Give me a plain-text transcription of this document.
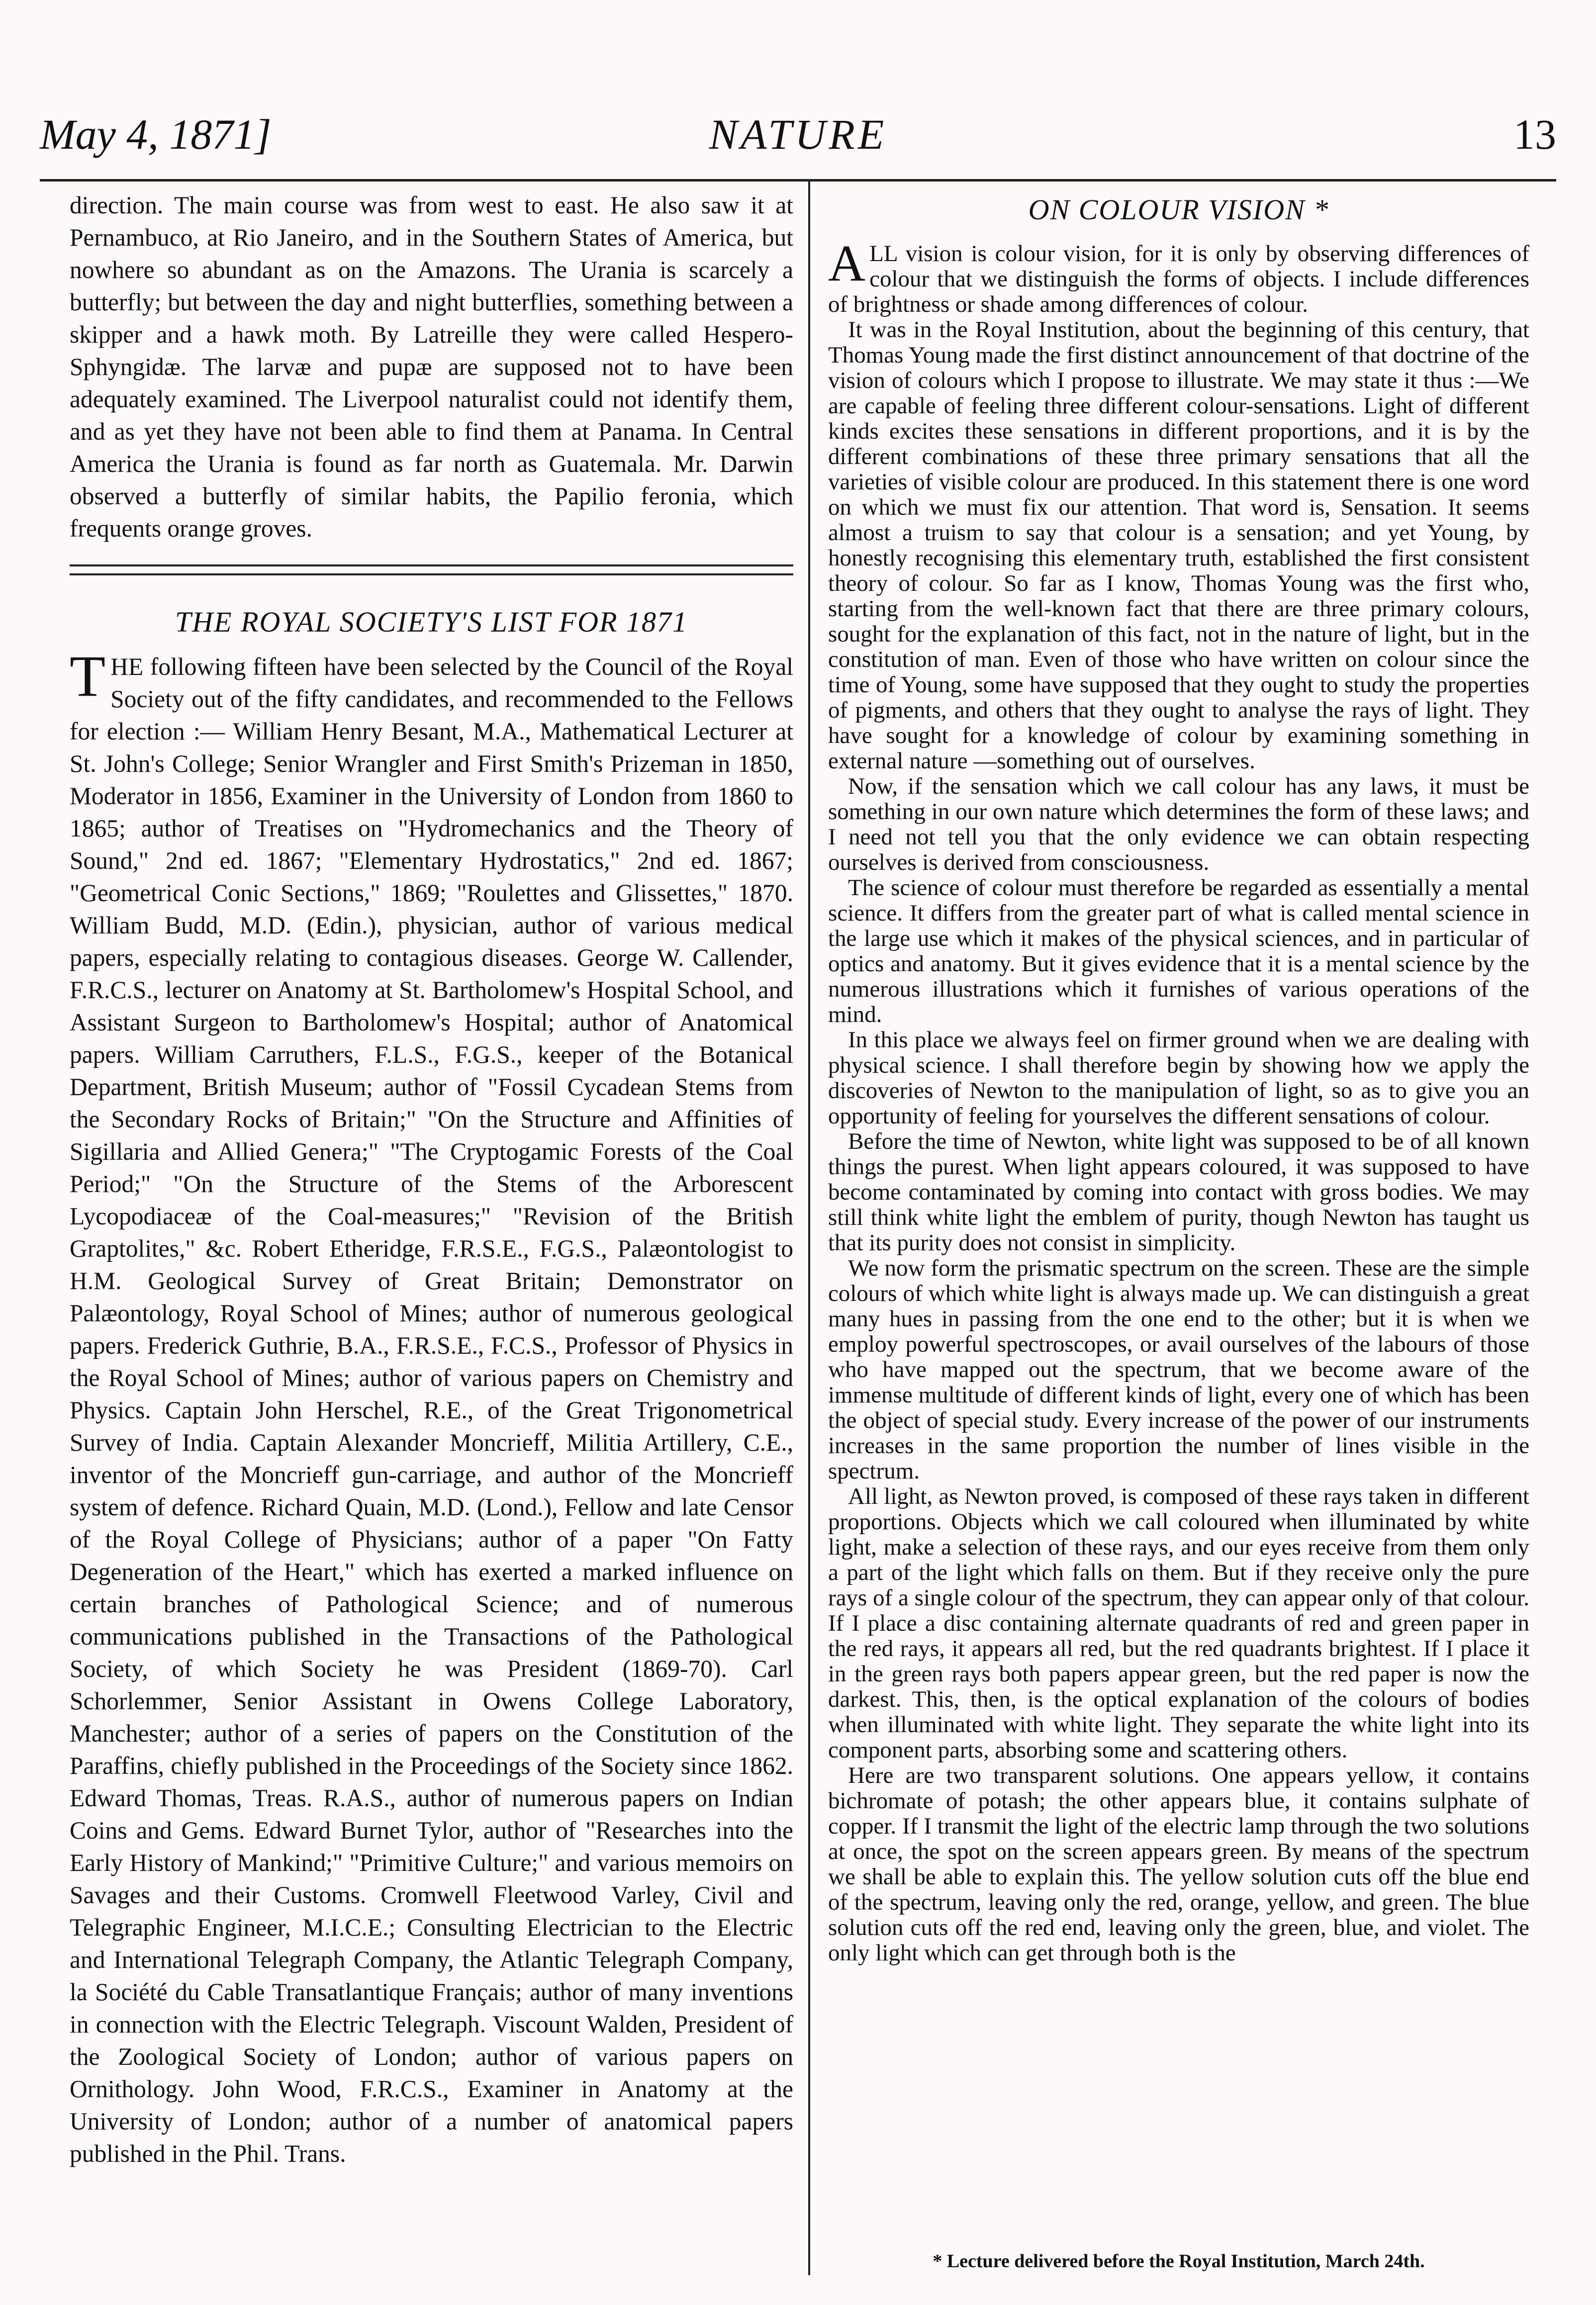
May 4, 1871]	NATURE	13

direction. The main course was from west to east. He also saw it at Pernambuco, at Rio Janeiro, and in the Southern States of America, but nowhere so abundant as on the Amazons. The Urania is scarcely a butterfly; but between the day and night butterflies, something between a skipper and a hawk moth. By Latreille they were called Hespero-Sphyngidæ. The larvæ and pupæ are supposed not to have been adequately examined. The Liverpool naturalist could not identify them, and as yet they have not been able to find them at Panama. In Central America the Urania is found as far north as Guatemala. Mr. Darwin observed a butterfly of similar habits, the Papilio feronia, which frequents orange groves.

THE ROYAL SOCIETY'S LIST FOR 1871

THE following fifteen have been selected by the Council of the Royal Society out of the fifty candidates, and recommended to the Fellows for election :— William Henry Besant, M.A., Mathematical Lecturer at St. John's College; Senior Wrangler and First Smith's Prizeman in 1850, Moderator in 1856, Examiner in the University of London from 1860 to 1865; author of Treatises on "Hydromechanics and the Theory of Sound," 2nd ed. 1867; "Elementary Hydrostatics," 2nd ed. 1867; "Geometrical Conic Sections," 1869; "Roulettes and Glissettes," 1870. William Budd, M.D. (Edin.), physician, author of various medical papers, especially relating to contagious diseases. George W. Callender, F.R.C.S., lecturer on Anatomy at St. Bartholomew's Hospital School, and Assistant Surgeon to Bartholomew's Hospital; author of Anatomical papers. William Carruthers, F.L.S., F.G.S., keeper of the Botanical Department, British Museum; author of "Fossil Cycadean Stems from the Secondary Rocks of Britain;" "On the Structure and Affinities of Sigillaria and Allied Genera;" "The Cryptogamic Forests of the Coal Period;" "On the Structure of the Stems of the Arborescent Lycopodiaceæ of the Coal-measures;" "Revision of the British Graptolites," &c. Robert Etheridge, F.R.S.E., F.G.S., Palæontologist to H.M. Geological Survey of Great Britain; Demonstrator on Palæontology, Royal School of Mines; author of numerous geological papers. Frederick Guthrie, B.A., F.R.S.E., F.C.S., Professor of Physics in the Royal School of Mines; author of various papers on Chemistry and Physics. Captain John Herschel, R.E., of the Great Trigonometrical Survey of India. Captain Alexander Moncrieff, Militia Artillery, C.E., inventor of the Moncrieff gun-carriage, and author of the Moncrieff system of defence. Richard Quain, M.D. (Lond.), Fellow and late Censor of the Royal College of Physicians; author of a paper "On Fatty Degeneration of the Heart," which has exerted a marked influence on certain branches of Pathological Science; and of numerous communications published in the Transactions of the Pathological Society, of which Society he was President (1869-70). Carl Schorlemmer, Senior Assistant in Owens College Laboratory, Manchester; author of a series of papers on the Constitution of the Paraffins, chiefly published in the Proceedings of the Society since 1862. Edward Thomas, Treas. R.A.S., author of numerous papers on Indian Coins and Gems. Edward Burnet Tylor, author of "Researches into the Early History of Mankind;" "Primitive Culture;" and various memoirs on Savages and their Customs. Cromwell Fleetwood Varley, Civil and Telegraphic Engineer, M.I.C.E.; Consulting Electrician to the Electric and International Telegraph Company, the Atlantic Telegraph Company, la Société du Cable Transatlantique Français; author of many inventions in connection with the Electric Telegraph. Viscount Walden, President of the Zoological Society of London; author of various papers on Ornithology. John Wood, F.R.C.S., Examiner in Anatomy at the University of London; author of a number of anatomical papers published in the Phil. Trans.

ON COLOUR VISION *

ALL vision is colour vision, for it is only by observing differences of colour that we distinguish the forms of objects. I include differences of brightness or shade among differences of colour.

It was in the Royal Institution, about the beginning of this century, that Thomas Young made the first distinct announcement of that doctrine of the vision of colours which I propose to illustrate. We may state it thus :—We are capable of feeling three different colour-sensations. Light of different kinds excites these sensations in different proportions, and it is by the different combinations of these three primary sensations that all the varieties of visible colour are produced. In this statement there is one word on which we must fix our attention. That word is, Sensation. It seems almost a truism to say that colour is a sensation; and yet Young, by honestly recognising this elementary truth, established the first consistent theory of colour. So far as I know, Thomas Young was the first who, starting from the well-known fact that there are three primary colours, sought for the explanation of this fact, not in the nature of light, but in the constitution of man. Even of those who have written on colour since the time of Young, some have supposed that they ought to study the properties of pigments, and others that they ought to analyse the rays of light. They have sought for a knowledge of colour by examining something in external nature —something out of ourselves.

Now, if the sensation which we call colour has any laws, it must be something in our own nature which determines the form of these laws; and I need not tell you that the only evidence we can obtain respecting ourselves is derived from consciousness.

The science of colour must therefore be regarded as essentially a mental science. It differs from the greater part of what is called mental science in the large use which it makes of the physical sciences, and in particular of optics and anatomy. But it gives evidence that it is a mental science by the numerous illustrations which it furnishes of various operations of the mind.

In this place we always feel on firmer ground when we are dealing with physical science. I shall therefore begin by showing how we apply the discoveries of Newton to the manipulation of light, so as to give you an opportunity of feeling for yourselves the different sensations of colour.

Before the time of Newton, white light was supposed to be of all known things the purest. When light appears coloured, it was supposed to have become contaminated by coming into contact with gross bodies. We may still think white light the emblem of purity, though Newton has taught us that its purity does not consist in simplicity.

We now form the prismatic spectrum on the screen. These are the simple colours of which white light is always made up. We can distinguish a great many hues in passing from the one end to the other; but it is when we employ powerful spectroscopes, or avail ourselves of the labours of those who have mapped out the spectrum, that we become aware of the immense multitude of different kinds of light, every one of which has been the object of special study. Every increase of the power of our instruments increases in the same proportion the number of lines visible in the spectrum.

All light, as Newton proved, is composed of these rays taken in different proportions. Objects which we call coloured when illuminated by white light, make a selection of these rays, and our eyes receive from them only a part of the light which falls on them. But if they receive only the pure rays of a single colour of the spectrum, they can appear only of that colour. If I place a disc containing alternate quadrants of red and green paper in the red rays, it appears all red, but the red quadrants brightest. If I place it in the green rays both papers appear green, but the red paper is now the darkest. This, then, is the optical explanation of the colours of bodies when illuminated with white light. They separate the white light into its component parts, absorbing some and scattering others.

Here are two transparent solutions. One appears yellow, it contains bichromate of potash; the other appears blue, it contains sulphate of copper. If I transmit the light of the electric lamp through the two solutions at once, the spot on the screen appears green. By means of the spectrum we shall be able to explain this. The yellow solution cuts off the blue end of the spectrum, leaving only the red, orange, yellow, and green. The blue solution cuts off the red end, leaving only the green, blue, and violet. The only light which can get through both is the

* Lecture delivered before the Royal Institution, March 24th.
